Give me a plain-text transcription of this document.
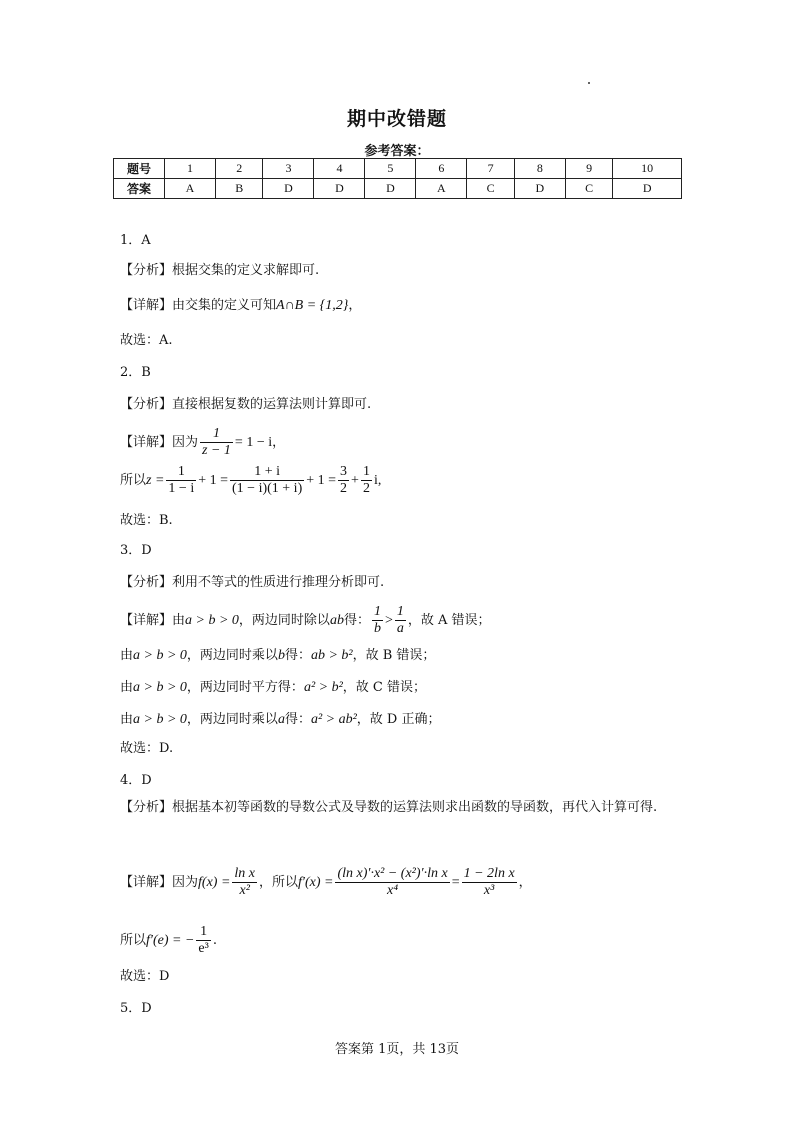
期中改错题
参考答案：
题号	1	2	3	4	5	6	7	8	9	10
答案	A	B	D	D	D	A	C	D	C	D
1．A
【分析】根据交集的定义求解即可.
【详解】由交集的定义可知A∩B = {1,2}，
故选：A.
2．B
【分析】直接根据复数的运算法则计算即可.
【详解】因为 $\frac{1}{z - 1} = 1 - i$，
所以$z = \frac{1}{1 - i} + 1 = \frac{1 + i}{(1 - i)(1 + i)} + 1 = \frac{3}{2} + \frac{1}{2} i$,
故选：B.
3．D
【分析】利用不等式的性质进行推理分析即可.
【详解】由a > b > 0，两边同时除以ab得： $\frac{1}{b} > \frac{1}{a}$ ，故 A 错误；
由a > b > 0，两边同时乘以b得：ab > b²，故 B 错误；
由a > b > 0，两边同时平方得：a² > b²，故 C 错误；
由a > b > 0，两边同时乘以a得：a² > ab²，故 D 正确；
故选：D.
4．D
【分析】根据基本初等函数的导数公式及导数的运算法则求出函数的导函数，再代入计算可得.
【详解】因为$f(x) = \frac{\text{ln x}}{\text{x²}}$ ，所以$f'(x) = \frac{\text{(ln x)′·x² − (x²)′·ln x}}{\text{x⁴}} = \frac{\text{1 − 2ln x}}{\text{x³}}$ ，
所以f′(e) = − $\frac{1}{\text{e³}}$ .
故选：D
5．D
答案第 1页，共 13页
